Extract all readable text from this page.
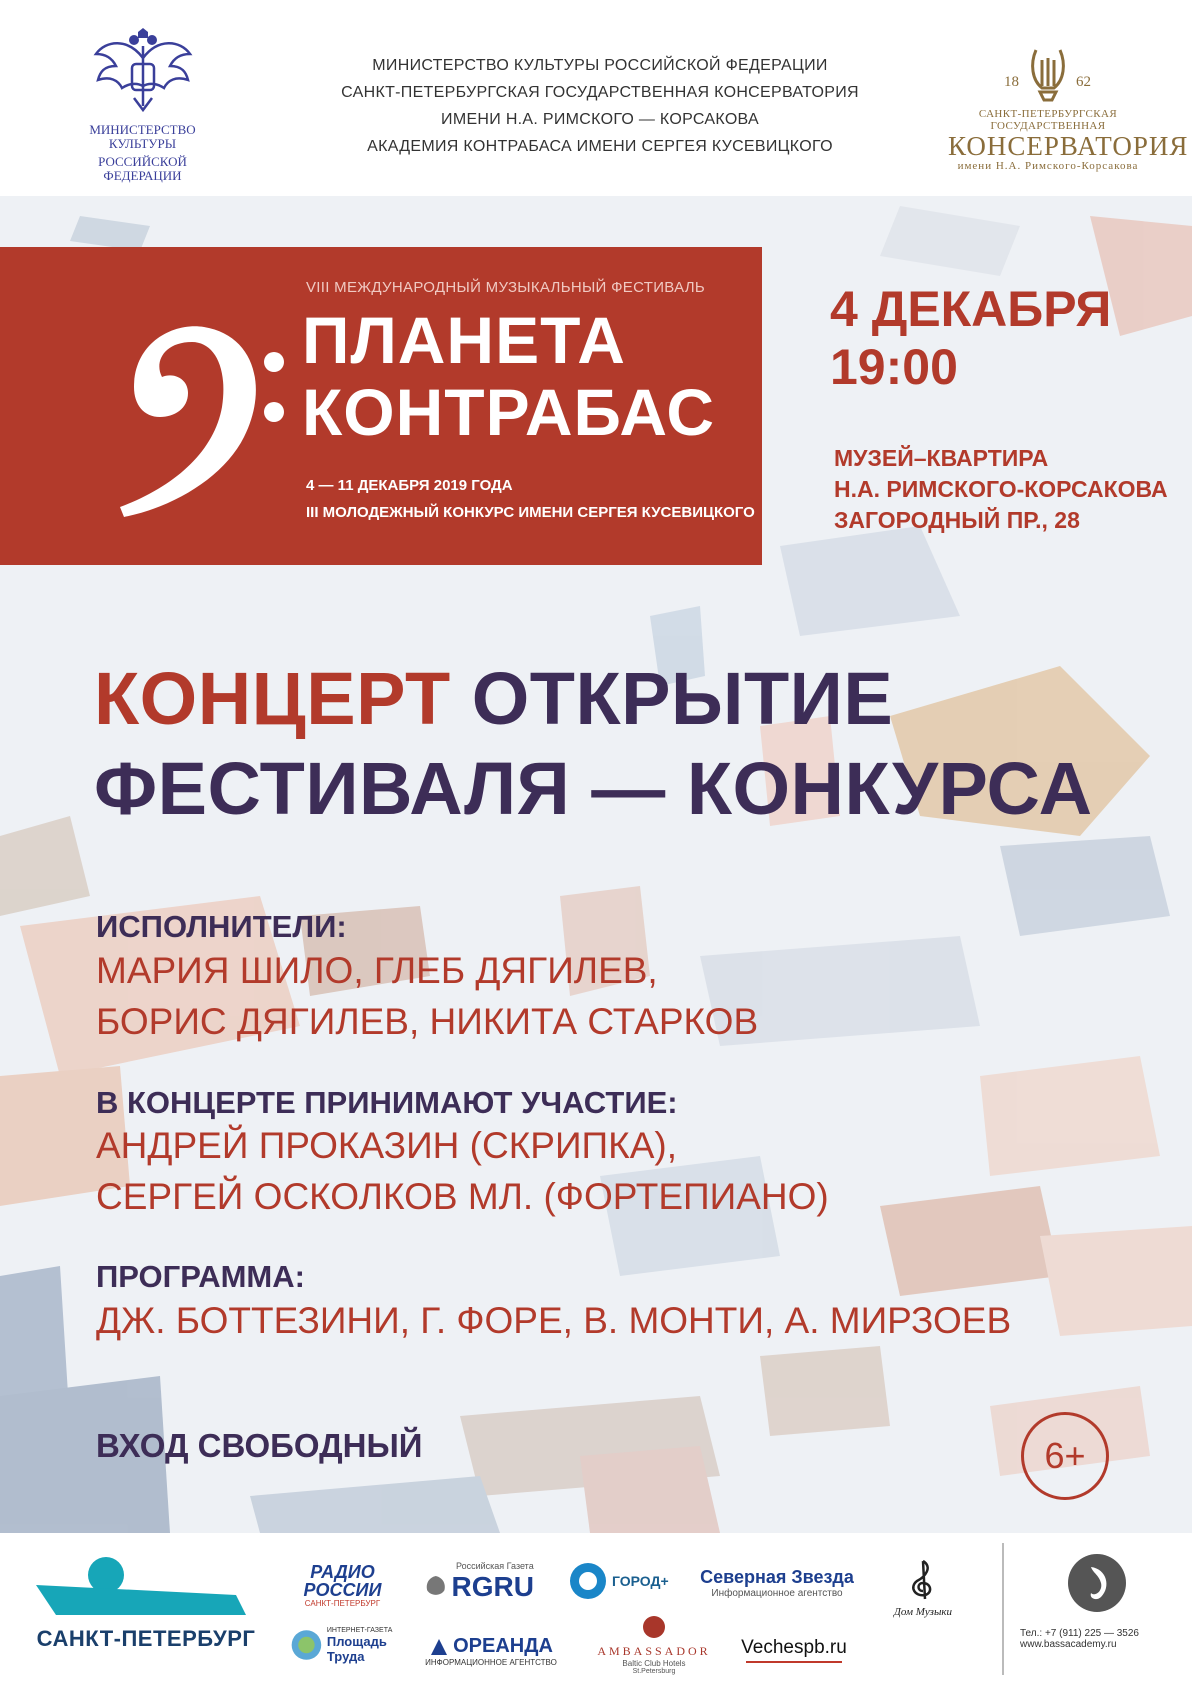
МИНИСТЕРСТВО КУЛЬТУРЫ
РОССИЙСКОЙ ФЕДЕРАЦИИ
МИНИСТЕРСТВО КУЛЬТУРЫ РОССИЙСКОЙ ФЕДЕРАЦИИ
САНКТ-ПЕТЕРБУРГСКАЯ ГОСУДАРСТВЕННАЯ КОНСЕРВАТОРИЯ
ИМЕНИ Н.А. РИМСКОГО — КОРСАКОВА
АКАДЕМИЯ КОНТРАБАСА ИМЕНИ СЕРГЕЯ КУСЕВИЦКОГО
18	62
САНКТ-ПЕТЕРБУРГСКАЯ ГОСУДАРСТВЕННАЯ
КОНСЕРВАТОРИЯ
имени Н.А. Римского-Корсакова
VIII МЕЖДУНАРОДНЫЙ МУЗЫКАЛЬНЫЙ ФЕСТИВАЛЬ
ПЛАНЕТА
КОНТРАБАС
4 — 11 ДЕКАБРЯ 2019 ГОДА
III МОЛОДЕЖНЫЙ КОНКУРС ИМЕНИ СЕРГЕЯ КУСЕВИЦКОГО
4 ДЕКАБРЯ
19:00
МУЗЕЙ–КВАРТИРА
Н.А. РИМСКОГО-КОРСАКОВА
ЗАГОРОДНЫЙ ПР., 28
КОНЦЕРТ ОТКРЫТИЕ
ФЕСТИВАЛЯ — КОНКУРСА
ИСПОЛНИТЕЛИ:
МАРИЯ ШИЛО, ГЛЕБ ДЯГИЛЕВ,
БОРИС ДЯГИЛЕВ, НИКИТА СТАРКОВ
В КОНЦЕРТЕ ПРИНИМАЮТ УЧАСТИЕ:
АНДРЕЙ ПРОКАЗИН (СКРИПКА),
СЕРГЕЙ ОСКОЛКОВ МЛ. (ФОРТЕПИАНО)
ПРОГРАММА:
ДЖ. БОТТЕЗИНИ, Г. ФОРЕ, В. МОНТИ, А. МИРЗОЕВ
ВХОД СВОБОДНЫЙ	6+
САНКТ-ПЕТЕРБУРГ
РАДИО
РОССИИ
САНКТ-ПЕТЕРБУРГ
Российская Газета
RGRU	ГОРОД+	Северная Звезда
Информационное агентство
Дом Музыки
Тел.: +7 (911) 225 — 3526
www.bassacademy.ru
ИНТЕРНЕТ-ГАЗЕТА
Площадь Труда	ОРЕАНДА
ИНФОРМАЦИОННОЕ АГЕНТСТВО
AMBASSADOR
Baltic Club Hotels
St.Petersburg
Vechespb.ru
